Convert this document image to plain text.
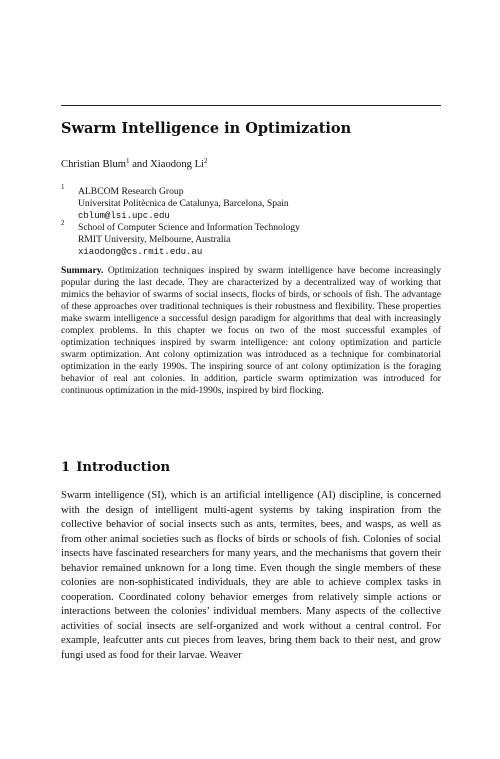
Swarm Intelligence in Optimization

Christian Blum$^1$ and Xiaodong Li$^2$

1 ALBCOM Research Group
Universitat Politècnica de Catalunya, Barcelona, Spain
cblum@lsi.upc.edu
2 School of Computer Science and Information Technology
RMIT University, Melbourne, Australia
xiaodong@cs.rmit.edu.au

Summary. Optimization techniques inspired by swarm intelligence have become increasingly popular during the last decade. They are characterized by a decentralized way of working that mimics the behavior of swarms of social insects, flocks of birds, or schools of fish. The advantage of these approaches over traditional techniques is their robustness and flexibility. These properties make swarm intelligence a successful design paradigm for algorithms that deal with increasingly complex problems. In this chapter we focus on two of the most successful examples of optimization techniques inspired by swarm intelligence: ant colony optimization and particle swarm optimization. Ant colony optimization was introduced as a technique for combinatorial optimization in the early 1990s. The inspiring source of ant colony optimization is the foraging behavior of real ant colonies. In addition, particle swarm optimization was introduced for continuous optimization in the mid-1990s, inspired by bird flocking.

1 Introduction

Swarm intelligence (SI), which is an artificial intelligence (AI) discipline, is concerned with the design of intelligent multi-agent systems by taking inspiration from the collective behavior of social insects such as ants, termites, bees, and wasps, as well as from other animal societies such as flocks of birds or schools of fish. Colonies of social insects have fascinated researchers for many years, and the mechanisms that govern their behavior remained unknown for a long time. Even though the single members of these colonies are non-sophisticated individuals, they are able to achieve complex tasks in cooperation. Coordinated colony behavior emerges from relatively simple actions or interactions between the colonies’ individual members. Many aspects of the collective activities of social insects are self-organized and work without a central control. For example, leafcutter ants cut pieces from leaves, bring them back to their nest, and grow fungi used as food for their larvae. Weaver
